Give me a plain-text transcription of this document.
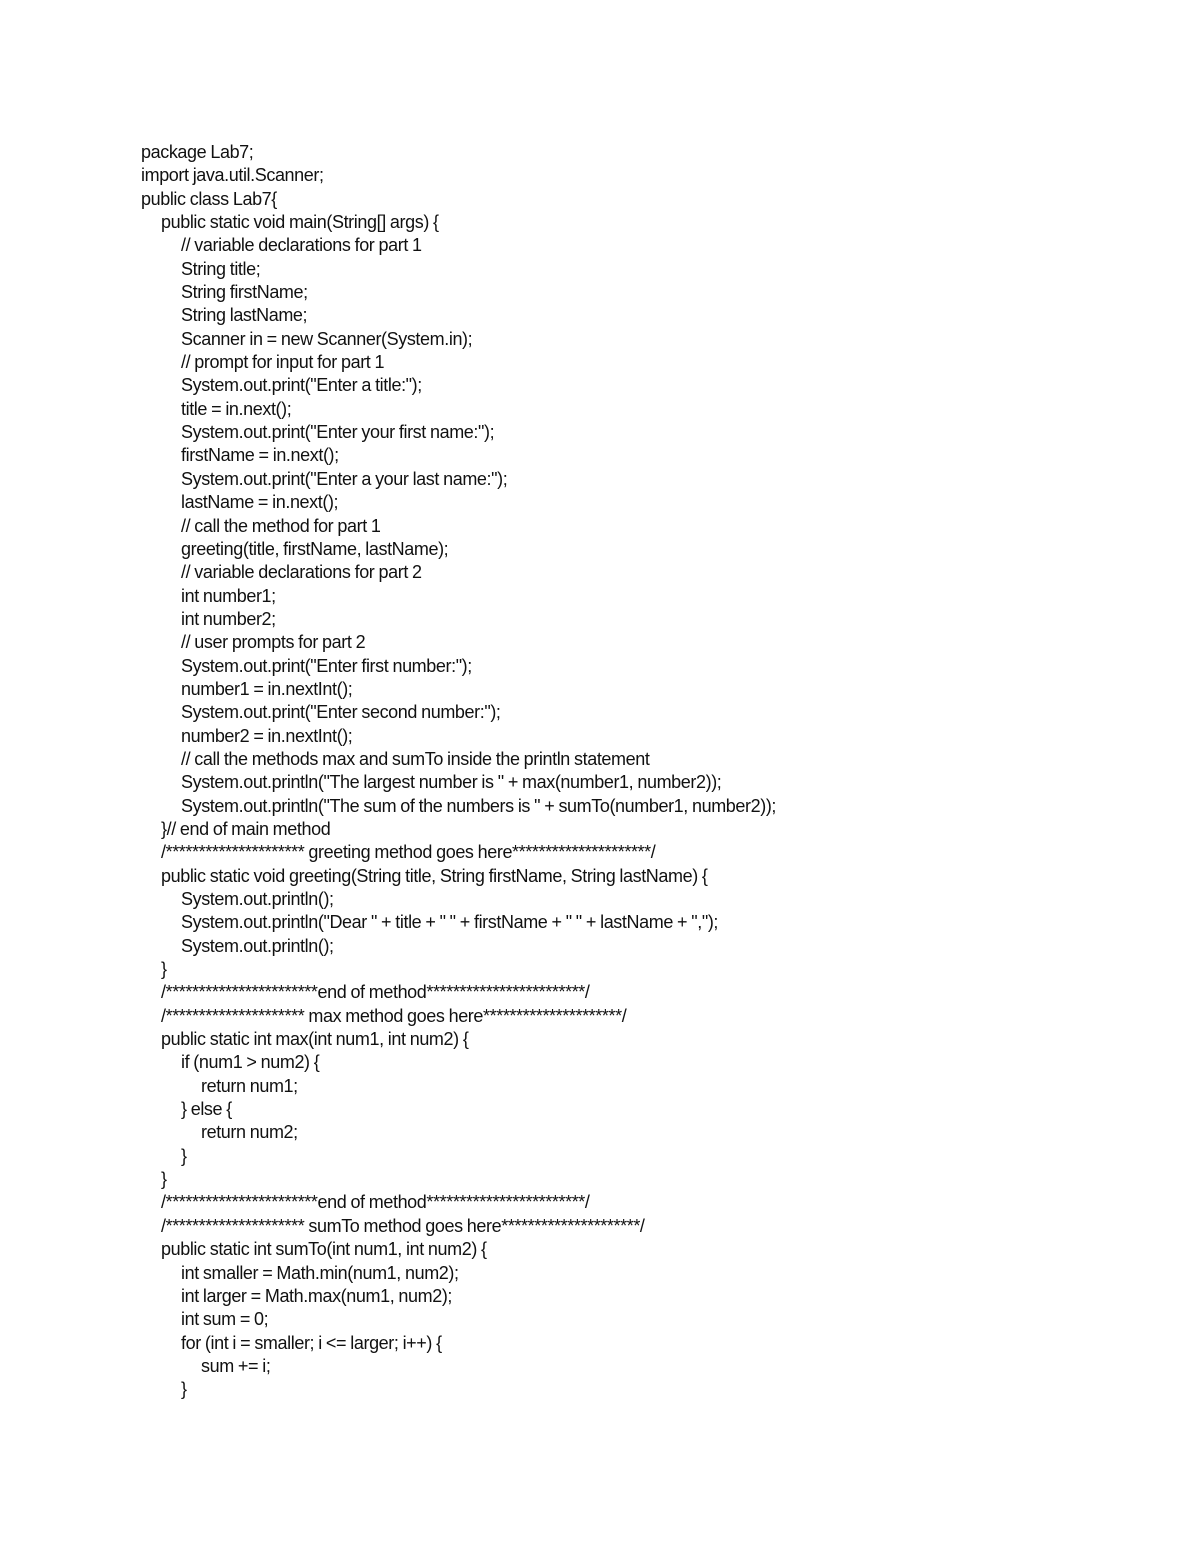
package Lab7;
import java.util.Scanner;
public class Lab7{
public static void main(String[] args) {
// variable declarations for part 1
String title;
String firstName;
String lastName;
Scanner in = new Scanner(System.in);
// prompt for input for part 1
System.out.print("Enter a title:");
title = in.next();
System.out.print("Enter your first name:");
firstName = in.next();
System.out.print("Enter a your last name:");
lastName = in.next();
// call the method for part 1
greeting(title, firstName, lastName);
// variable declarations for part 2
int number1;
int number2;
// user prompts for part 2
System.out.print("Enter first number:");
number1 = in.nextInt();
System.out.print("Enter second number:");
number2 = in.nextInt();
// call the methods max and sumTo inside the println statement
System.out.println("The largest number is " + max(number1, number2));
System.out.println("The sum of the numbers is " + sumTo(number1, number2));
}// end of main method
/********************* greeting method goes here*********************/
public static void greeting(String title, String firstName, String lastName) {
System.out.println();
System.out.println("Dear " + title + " " + firstName + " " + lastName + ",");
System.out.println();
}
/***********************end of method************************/
/********************* max method goes here*********************/
public static int max(int num1, int num2) {
if (num1 > num2) {
return num1;
} else {
return num2;
}
}
/***********************end of method************************/
/********************* sumTo method goes here*********************/
public static int sumTo(int num1, int num2) {
int smaller = Math.min(num1, num2);
int larger = Math.max(num1, num2);
int sum = 0;
for (int i = smaller; i <= larger; i++) {
sum += i;
}
